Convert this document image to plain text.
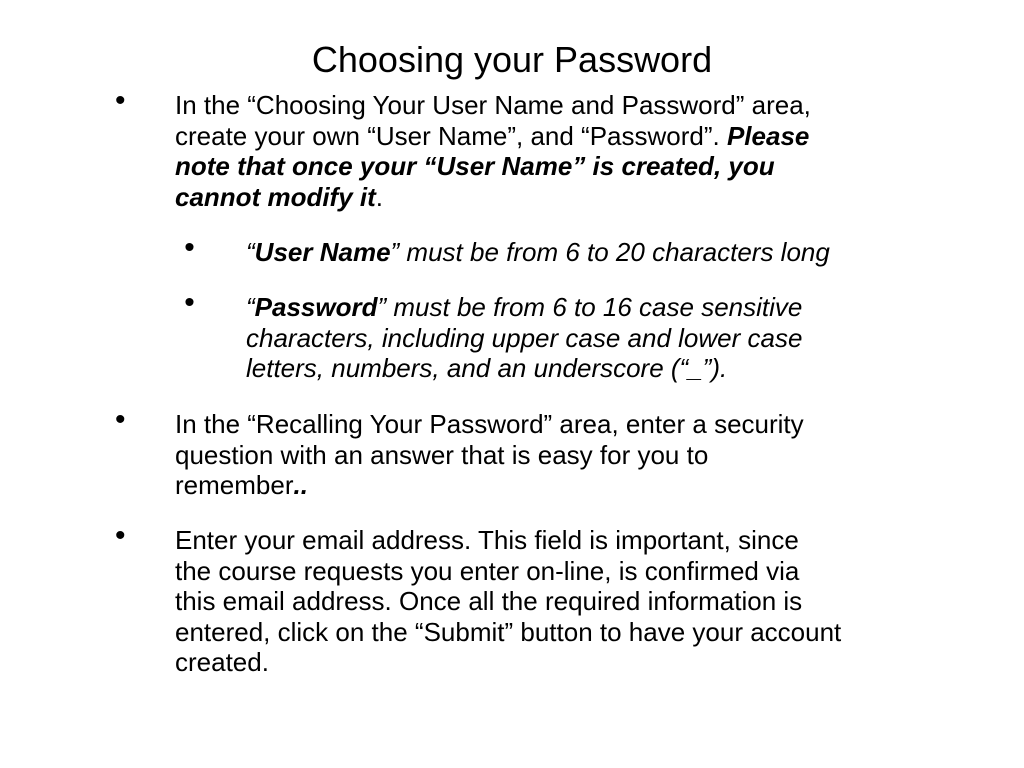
Choosing your Password
• In the “Choosing Your User Name and Password” area,
create your own “User Name”, and “Password”. Please
note that once your “User Name” is created, you
cannot modify it.
• “User Name” must be from 6 to 20 characters long
• “Password” must be from 6 to 16 case sensitive
characters, including upper case and lower case
letters, numbers, and an underscore (“_”).
• In the “Recalling Your Password” area, enter a security
question with an answer that is easy for you to
remember..
• Enter your email address. This field is important, since
the course requests you enter on-line, is confirmed via
this email address. Once all the required information is
entered, click on the “Submit” button to have your account
created.
